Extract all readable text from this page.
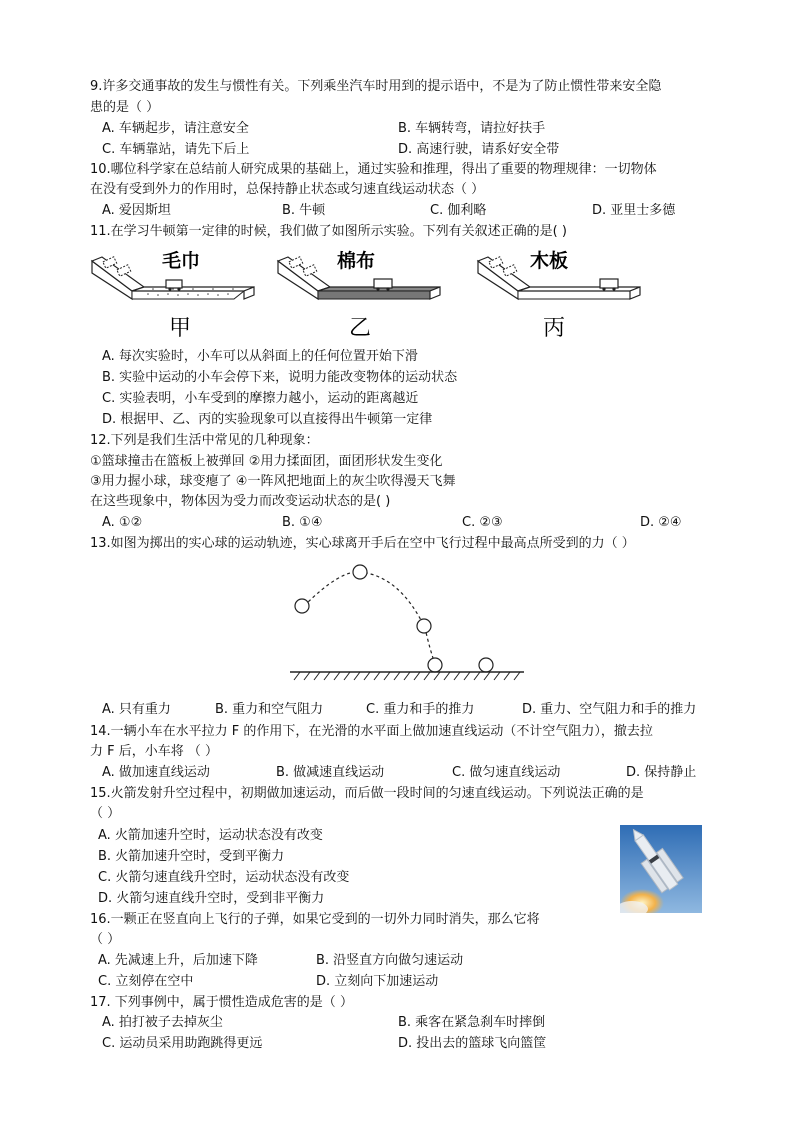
9.许多交通事故的发生与惯性有关。下列乘坐汽车时用到的提示语中，不是为了防止惯性带来安全隐
患的是（ ）
A. 车辆起步，请注意安全	B. 车辆转弯，请拉好扶手
C. 车辆靠站，请先下后上	D. 高速行驶，请系好安全带
10.哪位科学家在总结前人研究成果的基础上，通过实验和推理，得出了重要的物理规律：一切物体
在没有受到外力的作用时，总保持静止状态或匀速直线运动状态（ ）
A. 爱因斯坦	B. 牛顿	C. 伽利略	D. 亚里士多德
11.在学习牛顿第一定律的时候，我们做了如图所示实验。下列有关叙述正确的是( )
毛巾
甲
棉布
乙
木板
丙
A. 每次实验时，小车可以从斜面上的任何位置开始下滑
B. 实验中运动的小车会停下来，说明力能改变物体的运动状态
C. 实验表明，小车受到的摩擦力越小，运动的距离越近
D. 根据甲、乙、丙的实验现象可以直接得出牛顿第一定律
12.下列是我们生活中常见的几种现象：
①篮球撞击在篮板上被弹回 ②用力揉面团，面团形状发生变化
③用力握小球，球变瘪了 ④一阵风把地面上的灰尘吹得漫天飞舞
在这些现象中，物体因为受力而改变运动状态的是( )
A. ①②	B. ①④	C. ②③	D. ②④
13.如图为掷出的实心球的运动轨迹，实心球离开手后在空中飞行过程中最高点所受到的力（ ）
A. 只有重力	B. 重力和空气阻力	C. 重力和手的推力	D. 重力、空气阻力和手的推力
14.一辆小车在水平拉力 F 的作用下，在光滑的水平面上做加速直线运动（不计空气阻力），撤去拉
力 F 后，小车将 （ ）
A. 做加速直线运动	B. 做减速直线运动	C. 做匀速直线运动	D. 保持静止
15.火箭发射升空过程中，初期做加速运动，而后做一段时间的匀速直线运动。下列说法正确的是
（ ）
A. 火箭加速升空时，运动状态没有改变
B. 火箭加速升空时，受到平衡力
C. 火箭匀速直线升空时，运动状态没有改变
D. 火箭匀速直线升空时，受到非平衡力
16.一颗正在竖直向上飞行的子弹，如果它受到的一切外力同时消失，那么它将
（ ）
A. 先减速上升，后加速下降	B. 沿竖直方向做匀速运动
C. 立刻停在空中	D. 立刻向下加速运动
17. 下列事例中，属于惯性造成危害的是（ ）
A. 拍打被子去掉灰尘	B. 乘客在紧急刹车时摔倒
C. 运动员采用助跑跳得更远	D. 投出去的篮球飞向篮筐
